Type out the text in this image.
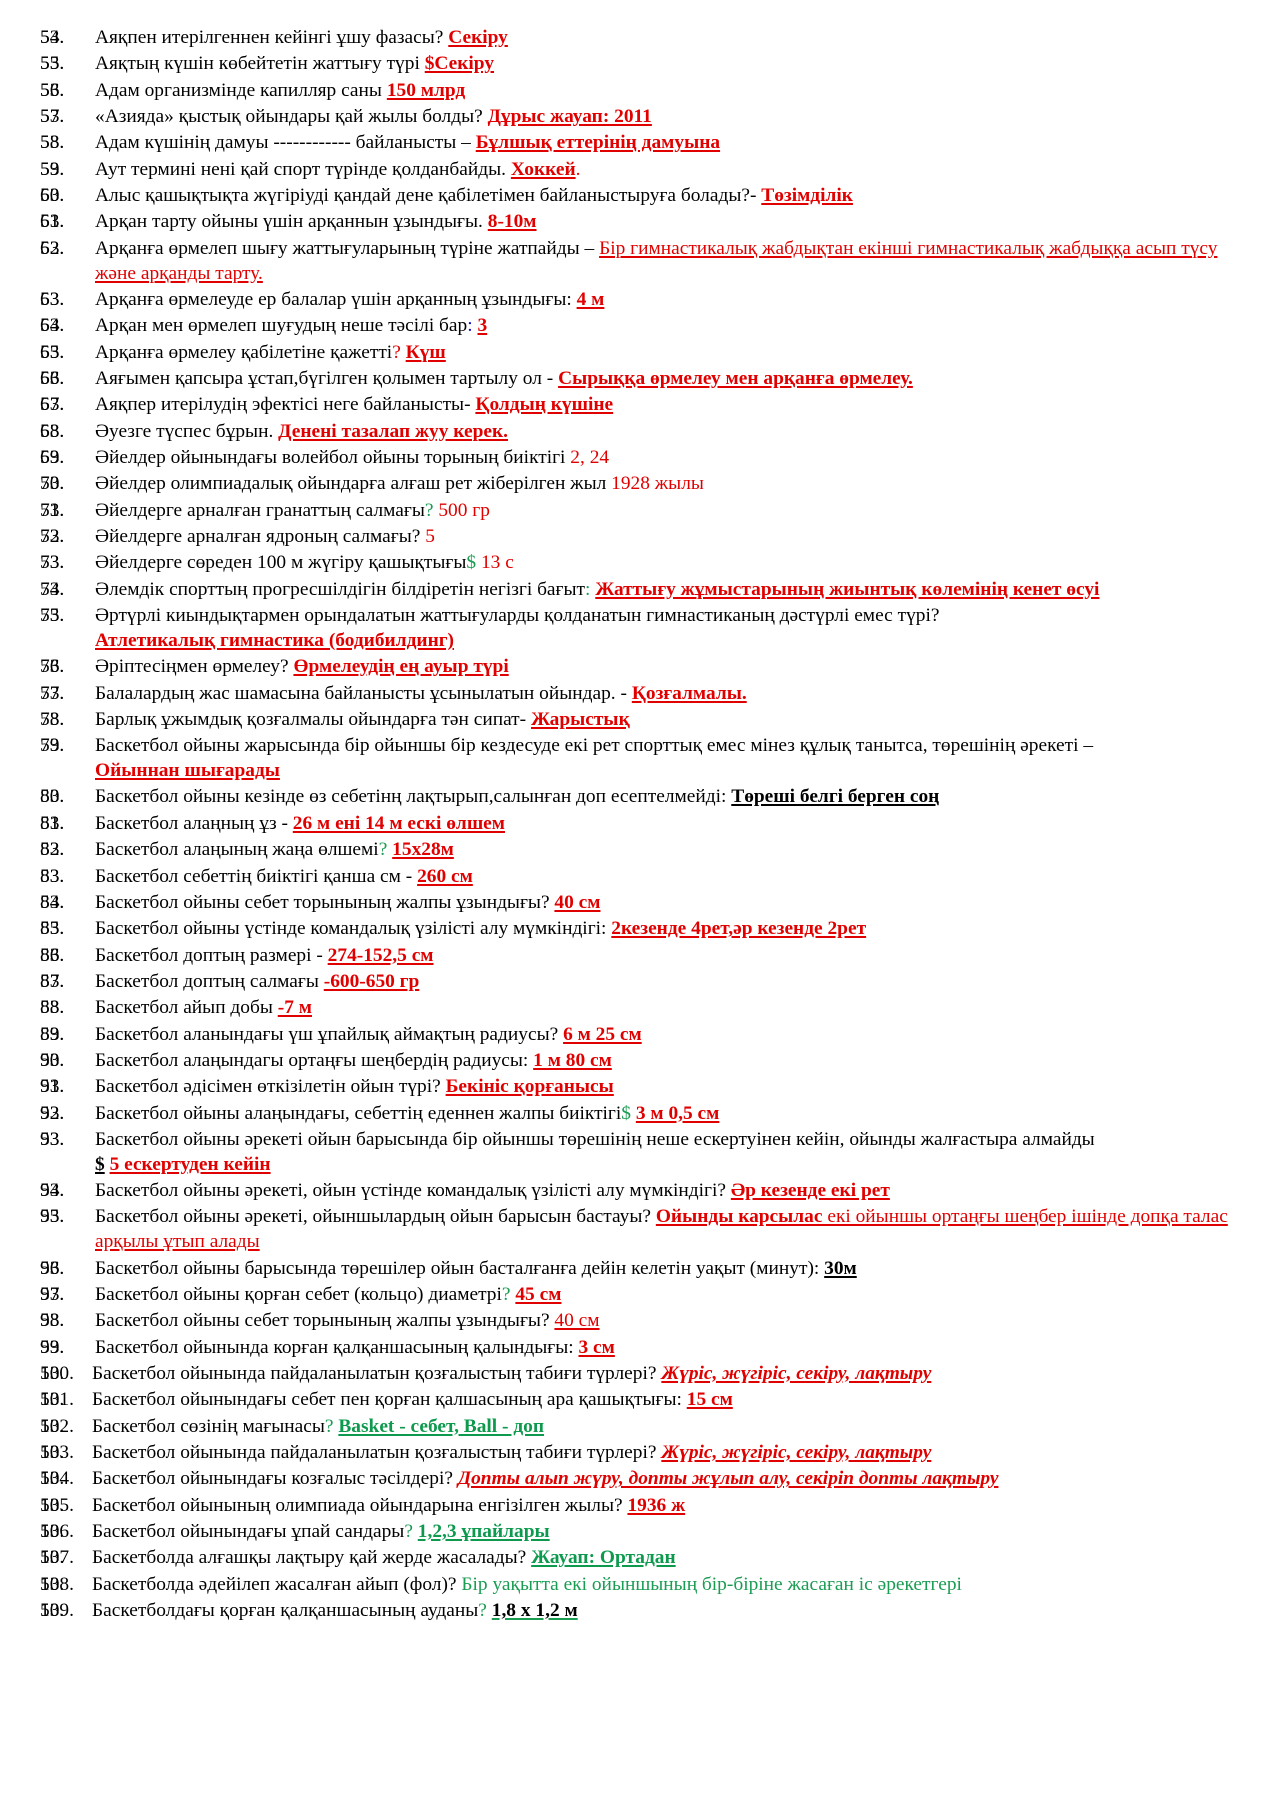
54. Аяқпен итерілгеннен кейінгі ұшу фазасы? Секіру
55. Аяқтың күшін көбейтетін жаттығу түрі $Секіру
56. Адам организмінде капилляр саны 150 млрд
57. «Азияда» қыстық ойындары қай жылы болды? Дұрыс жауап: 2011
58. Адам күшінің дамуы ------------ байланысты – Бұлшық еттерінің дамуына
59. Аут термині нені қай спорт түрінде қолданбайды. Хоккей.
60. Алыс қашықтықта жүгіріуді қандай дене қабілетімен байланыстыруға болады?- Төзімділік
61. Арқан тарту ойыны үшін арқаннын ұзындығы. 8-10м
62. Арқанға өрмелеп шығу жаттығуларының түріне жатпайды – Бір гимнастикалық жабдықтан екінші гимнастикалық жабдыққа асып түсу және арқанды тарту.
63. Арқанға өрмелеуде ер балалар үшін арқанның ұзындығы: 4 м
64. Арқан мен өрмелеп шуғудың неше тәсілі бар: 3
65. Арқанға өрмелеу қабілетіне қажетті? Күш
66. Аяғымен қапсыра ұстап,бүгілген қолымен тартылу ол - Сырыққа өрмелеу мен арқанға өрмелеу.
67. Аяқпер итерілудің эфектісі неге байланысты- Қолдың күшіне
68. Әуезге түспес бұрын. Денені тазалап жуу керек.
69. Әйелдер ойынындағы волейбол ойыны торының биіктігі 2, 24
70. Әйелдер олимпиадалық ойындарға алғаш рет жіберілген жыл 1928 жылы
71. Әйелдерге арналған гранаттың салмағы? 500 гр
72. Әйелдерге арналған ядроның салмағы? 5
73. Әйелдерге сөреден 100 м жүгіру қашықтығы$ 13 с
74. Әлемдік спорттың прогресшілдігін білдіретін негізгі бағыт: Жаттығу жұмыстарының жиынтық көлемінің кенет өсуі
75. Әртүрлі киындықтармен орындалатын жаттығуларды қолданатын гимнастиканың дәстүрлі емес түрі?
Атлетикалық гимнастика (бодибилдинг)
76. Әріптесіңмен өрмелеу? Өрмелеудің ең ауыр түрі
77. Балалардың жас шамасына байланысты ұсынылатын ойындар. - Қозғалмалы.
78. Барлық ұжымдық қозғалмалы ойындарға тән сипат- Жарыстық
79. Баскетбол ойыны жарысында бір ойыншы бір кездесуде екі рет спорттық емес мінез құлық танытса, төрешінің әрекеті –
Ойыннан шығарады
80. Баскетбол ойыны кезінде өз себетінң лақтырып,салынған доп есептелмейді: Төреші белгі берген соң
81. Баскетбол алаңның ұз - 26 м ені 14 м ескі өлшем
82. Баскетбол алаңының жаңа өлшемі? 15х28м
83. Баскетбол себеттің биіктігі қанша см - 260 см
84. Баскетбол ойыны себет торынының жалпы ұзындығы? 40 см
85. Баскетбол ойыны үстінде командалық үзілісті алу мүмкіндігі: 2кезенде 4рет,әр кезенде 2рет
86. Баскетбол доптың размері - 274-152,5 см
87. Баскетбол доптың салмағы -600-650 гр
88. Баскетбол айып добы -7 м
89. Баскетбол аланындағы үш ұпайлық аймақтың радиусы? 6 м 25 см
90. Баскетбол алаңындагы ортаңғы шеңбердің радиусы: 1 м 80 см
91. Баскетбол әдісімен өткізілетін ойын түрі? Бекініс қорғанысы
92. Баскетбол ойыны алаңындағы, себеттің еденнен жалпы биіктігі$ 3 м 0,5 см
93. Баскетбол ойыны әрекеті ойын барысында бір ойыншы төрешінің неше ескертуінен кейін, ойынды жалғастыра алмайды
$ 5 ескертуден кейін
94. Баскетбол ойыны әрекеті, ойын үстінде командалық үзілісті алу мүмкіндігі? Әр кезенде екі рет
95. Баскетбол ойыны әрекеті, ойыншылардың ойын барысын бастауы? Ойынды карсылас екі ойыншы ортаңғы шеңбер ішінде допқа талас арқылы ұтып алады
96. Баскетбол ойыны барысында төрешілер ойын басталғанға дейін келетін уақыт (минут): 30м
97. Баскетбол ойыны қорған себет (кольцо) диаметрі? 45 см
98. Баскетбол ойыны себет торынының жалпы ұзындығы? 40 см
99. Баскетбол ойынында корған қалқаншасының қалындығы: 3 см
100. Баскетбол ойынында пайдаланылатын қозғалыстың табиғи түрлері? Жүріс, жүгіріс, секіру, лақтыру
101. Баскетбол ойынындағы себет пен қорған қалшасының ара қашықтығы: 15 см
102. Баскетбол сөзінің мағынасы? Basket - себет, Ball - доп
103. Баскетбол ойынында пайдаланылатын қозғалыстың табиғи түрлері? Жүріс, жүгіріс, секіру, лақтыру
104. Баскетбол ойынындағы козғалыс тәсілдері? Допты алып жүру, допты жұлып алу, секіріп допты лақтыру
105. Баскетбол ойынының олимпиада ойындарына енгізілген жылы? 1936 ж
106. Баскетбол ойынындағы ұпай сандары? 1,2,3 ұпайлары
107. Баскетболда алғашқы лақтыру қай жерде жасалады? Жауап: Ортадан
108. Баскетболда әдейілеп жасалған айып (фол)? Бір уақытта екі ойыншының бір-біріне жасаған іс әрекетгері
109. Баскетболдағы қорған қалқаншасының ауданы? 1,8 х 1,2 м
